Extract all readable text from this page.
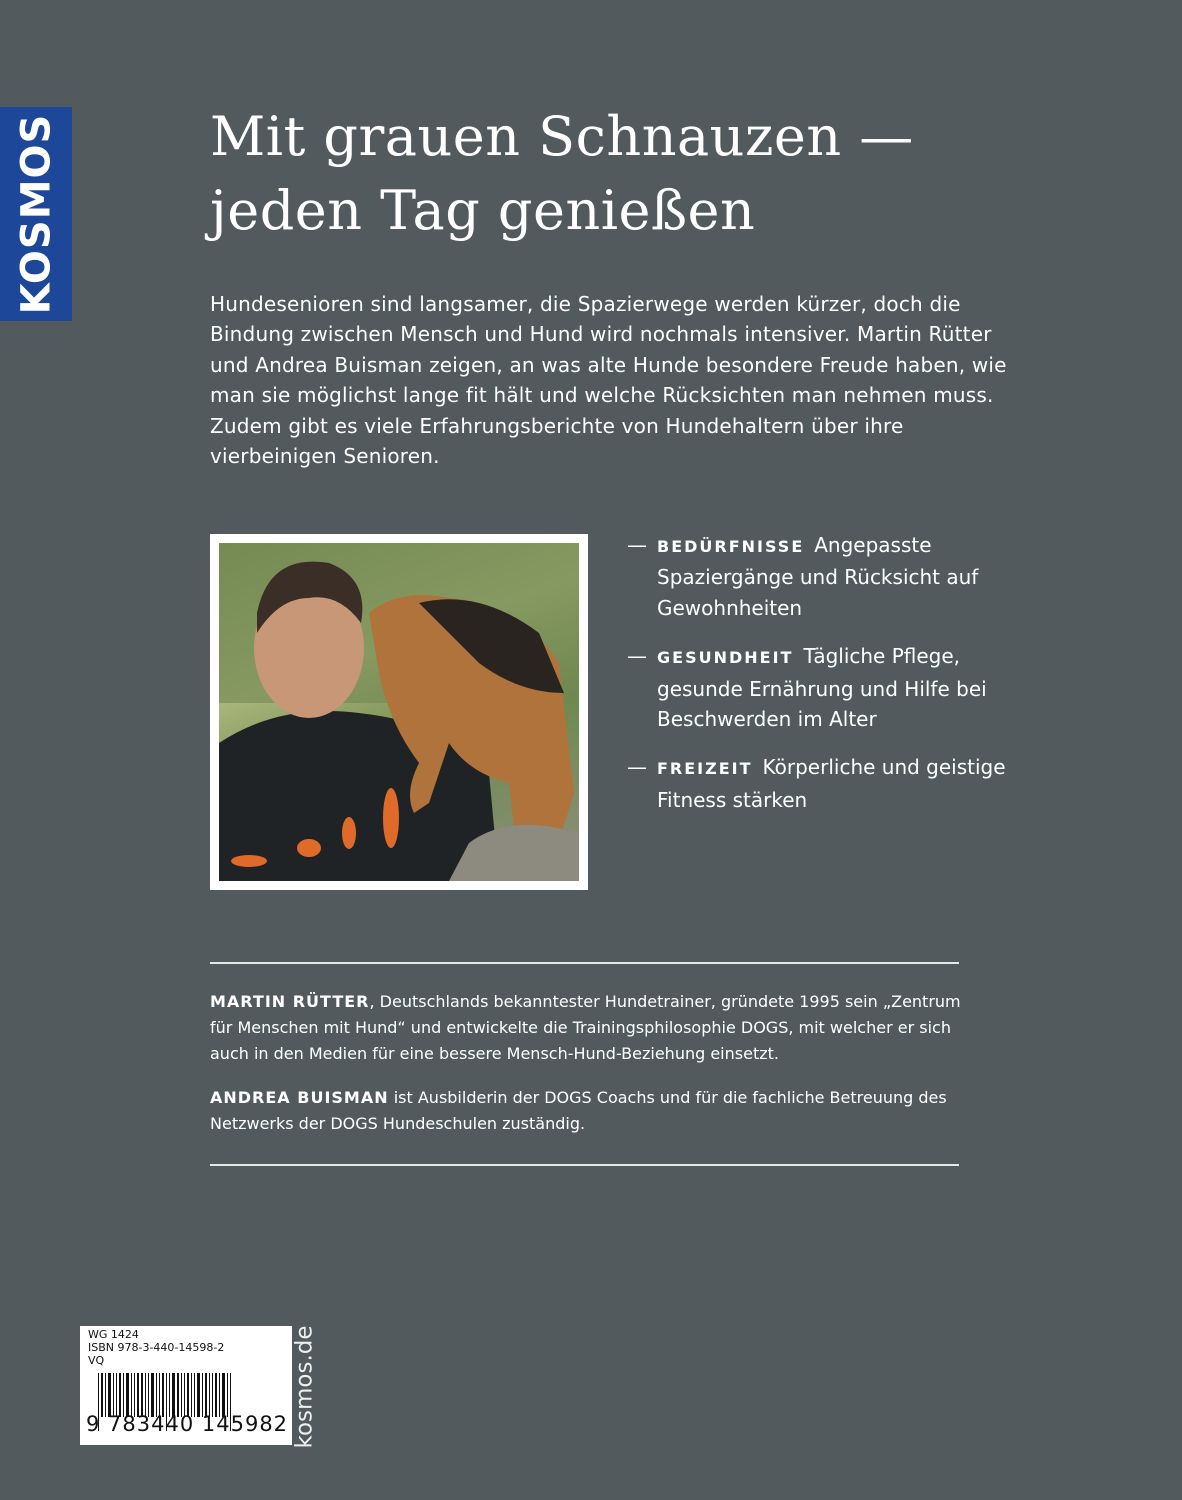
KOSMOS	Mit grauen Schnauzen —
jeden Tag genießen
Hundesenioren sind langsamer, die Spazierwege werden kürzer, doch die Bindung zwischen Mensch und Hund wird nochmals intensiver. Martin Rütter und Andrea Buisman zeigen, an was alte Hunde besondere Freude haben, wie man sie möglichst lange fit hält und welche Rücksichten man nehmen muss. Zudem gibt es viele Erfahrungsberichte von Hundehaltern über ihre vierbeinigen Senioren.
— BEDÜRFNISSE Angepasste Spaziergänge und Rücksicht auf Gewohnheiten
— GESUNDHEIT Tägliche Pflege, gesunde Ernährung und Hilfe bei Beschwerden im Alter
— FREIZEIT Körperliche und geistige Fitness stärken
MARTIN RÜTTER, Deutschlands bekanntester Hundetrainer, gründete 1995 sein „Zentrum für Menschen mit Hund“ und entwickelte die Trainingsphilosophie DOGS, mit welcher er sich auch in den Medien für eine bessere Mensch-Hund-Beziehung einsetzt.
ANDREA BUISMAN ist Ausbilderin der DOGS Coachs und für die fachliche Betreuung des Netzwerks der DOGS Hundeschulen zuständig.
WG 1424
ISBN 978-3-440-14598-2
VQ
9 783440 145982 kosmos.de
